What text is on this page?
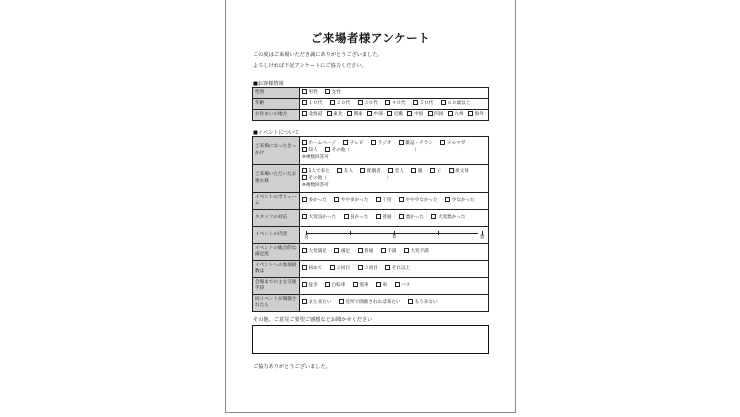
ご来場者様アンケート
この度はご来場いただき誠にありがとうございました。
よろしければ下記アンケートにご協力ください。
■お客様情報
性別	男性 女性
年齢	１０代 ２０代 ３０代 ４０代 ５０代 ６０歳以上
お住まいの地方	北海道 東北 関東 中部 近畿 中国 四国 九州 海外
■イベントについて
ご来場になったきっかけ	ホームページ テレビ ラジオ 雑誌・チラシ メルマガ
知人 その他（　　　　　　　　　　　　　　）
※複数回答可
ご来場いただいたお連れ様	1人で来た 友人 配偶者 恋人 親 子 祖父母
その他（　　　　　　　　　　　　　）
※複数回答可
イベントのボリューム	多かった やや多かった 丁度 やや少なかった 少なかった
スタッフの対応	大変良かった 良かった 普通 悪かった 大変悪かった
イベントの内容	良 普 悪

イベントの総合的な満足度	大変満足 満足 普通 不満 大変不満
イベントへの参加回数は	初めて ２回目 ３回目 それ以上
会場までの主な交通手段	徒歩 自転車 電車 車 バス
同イベントが開催されたら	また来たい 近所で開催されれば来たい もう来ない
その他、ご意見ご要望ご感想などお聞かせください
ご協力ありがとうございました。
